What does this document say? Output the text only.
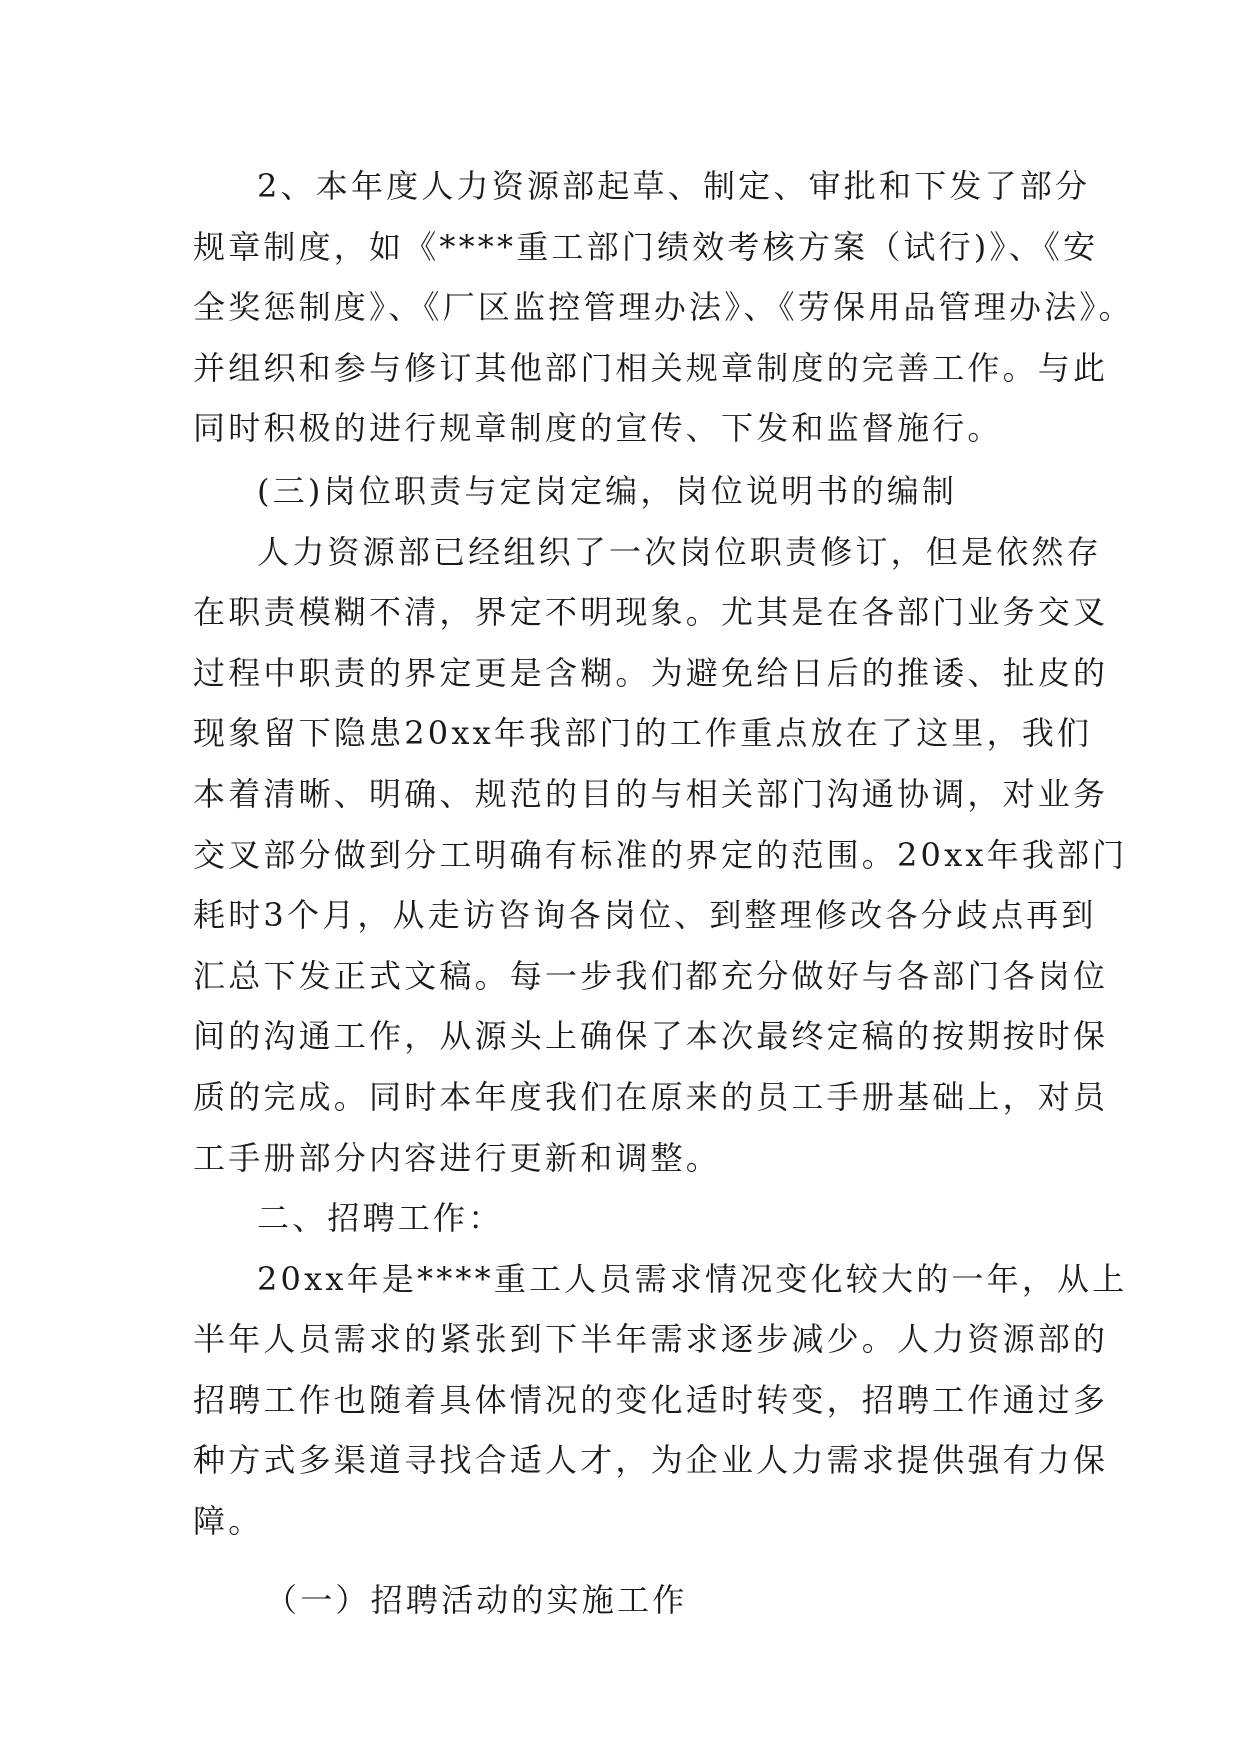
2、本年度人力资源部起草、制定、审批和下发了部分
规章制度，如《****重工部门绩效考核方案（试行)》、《安
全奖惩制度》、《厂区监控管理办法》、《劳保用品管理办法》。
并组织和参与修订其他部门相关规章制度的完善工作。与此
同时积极的进行规章制度的宣传、下发和监督施行。
(三)岗位职责与定岗定编，岗位说明书的编制
人力资源部已经组织了一次岗位职责修订，但是依然存
在职责模糊不清，界定不明现象。尤其是在各部门业务交叉
过程中职责的界定更是含糊。为避免给日后的推诿、扯皮的
现象留下隐患20xx年我部门的工作重点放在了这里，我们
本着清晰、明确、规范的目的与相关部门沟通协调，对业务
交叉部分做到分工明确有标准的界定的范围。20xx年我部门
耗时3个月，从走访咨询各岗位、到整理修改各分歧点再到
汇总下发正式文稿。每一步我们都充分做好与各部门各岗位
间的沟通工作，从源头上确保了本次最终定稿的按期按时保
质的完成。同时本年度我们在原来的员工手册基础上，对员
工手册部分内容进行更新和调整。
二、招聘工作：
20xx年是****重工人员需求情况变化较大的一年，从上
半年人员需求的紧张到下半年需求逐步减少。人力资源部的
招聘工作也随着具体情况的变化适时转变，招聘工作通过多
种方式多渠道寻找合适人才，为企业人力需求提供强有力保
障。
（一）招聘活动的实施工作
